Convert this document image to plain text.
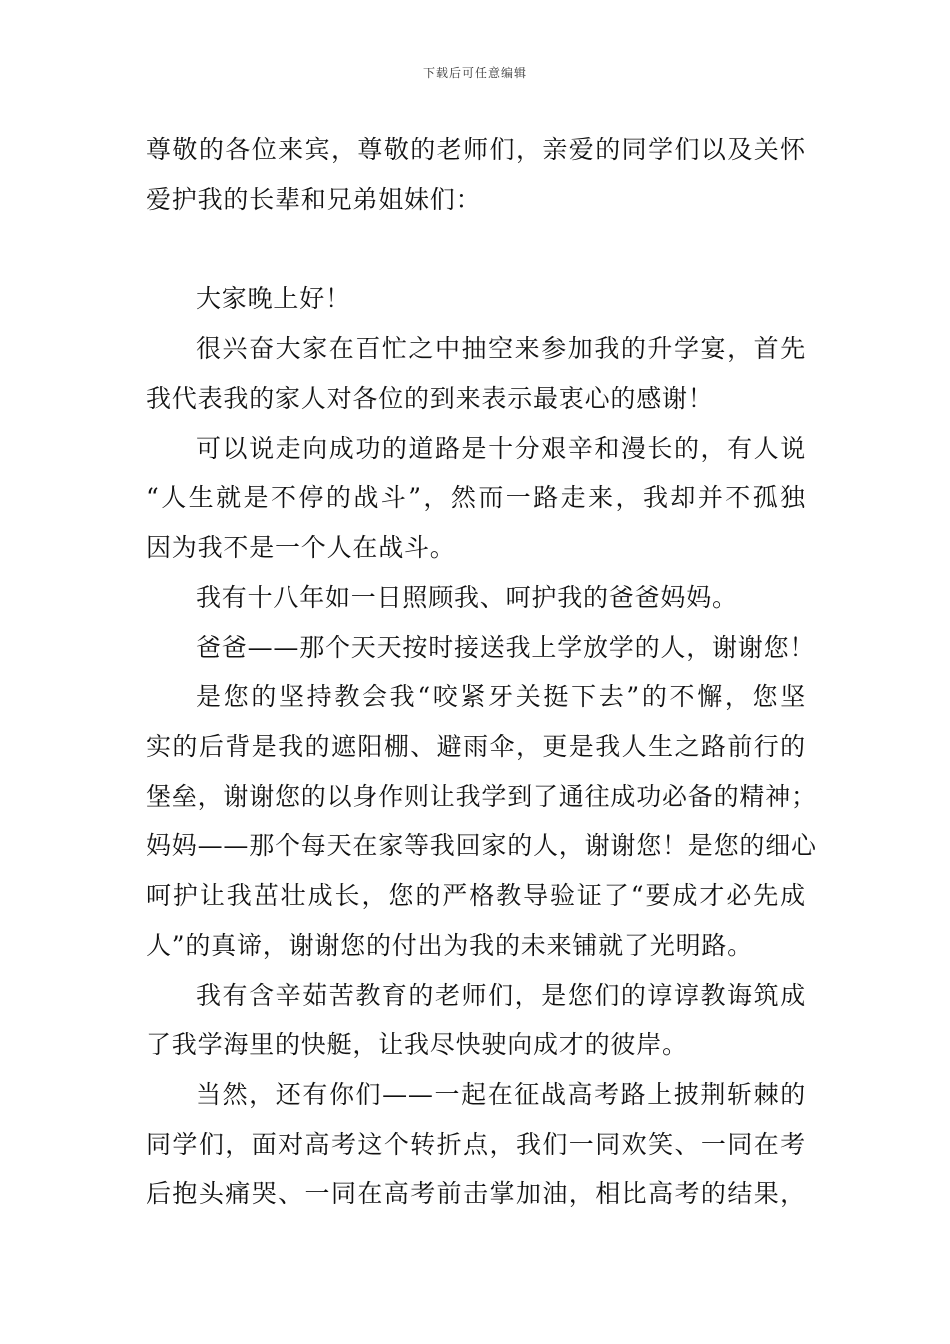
下载后可任意编辑
尊敬的各位来宾，尊敬的老师们，亲爱的同学们以及关怀
爱护我的长辈和兄弟姐妹们：
大家晚上好！
很兴奋大家在百忙之中抽空来参加我的升学宴，首先
我代表我的家人对各位的到来表示最衷心的感谢！
可以说走向成功的道路是十分艰辛和漫长的，有人说
“人生就是不停的战斗”，然而一路走来，我却并不孤独
因为我不是一个人在战斗。
我有十八年如一日照顾我、呵护我的爸爸妈妈。
爸爸——那个天天按时接送我上学放学的人，谢谢您！
是您的坚持教会我“咬紧牙关挺下去”的不懈，您坚
实的后背是我的遮阳棚、避雨伞，更是我人生之路前行的
堡垒，谢谢您的以身作则让我学到了通往成功必备的精神；
妈妈——那个每天在家等我回家的人，谢谢您！是您的细心
呵护让我茁壮成长，您的严格教导验证了“要成才必先成
人”的真谛，谢谢您的付出为我的未来铺就了光明路。
我有含辛茹苦教育的老师们，是您们的谆谆教诲筑成
了我学海里的快艇，让我尽快驶向成才的彼岸。
当然，还有你们——一起在征战高考路上披荆斩棘的
同学们，面对高考这个转折点，我们一同欢笑、一同在考
后抱头痛哭、一同在高考前击掌加油，相比高考的结果，
